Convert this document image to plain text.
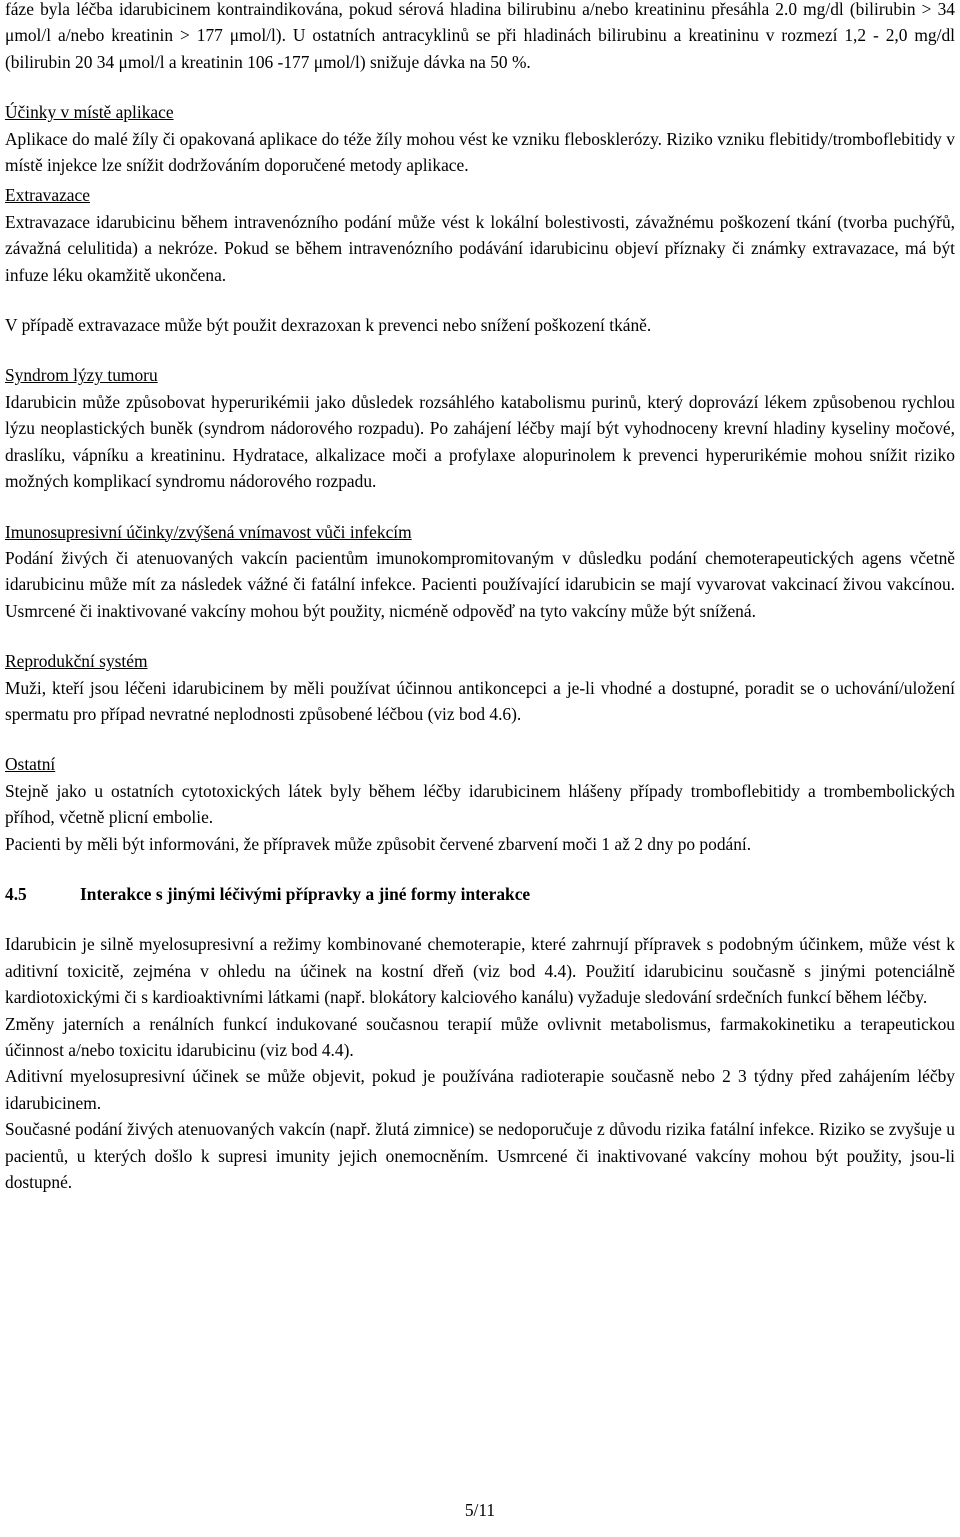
fáze byla léčba idarubicinem kontraindikována, pokud sérová hladina bilirubinu a/nebo kreatininu přesáhla 2.0 mg/dl (bilirubin > 34 μmol/l a/nebo kreatinin > 177 μmol/l). U ostatních antracyklinů se při hladinách bilirubinu a kreatininu v rozmezí 1,2 - 2,0 mg/dl (bilirubin 20 34 μmol/l a kreatinin 106 -177 μmol/l) snižuje dávka na 50 %.

Účinky v místě aplikace

Aplikace do malé žíly či opakovaná aplikace do téže žíly mohou vést ke vzniku flebosklerózy. Riziko vzniku flebitidy/tromboflebitidy v místě injekce lze snížit dodržováním doporučené metody aplikace.

Extravazace

Extravazace idarubicinu během intravenózního podání může vést k lokální bolestivosti, závažnému poškození tkání (tvorba puchýřů, závažná celulitida) a nekróze. Pokud se během intravenózního podávání idarubicinu objeví příznaky či známky extravazace, má být infuze léku okamžitě ukončena.

V případě extravazace může být použit dexrazoxan k prevenci nebo snížení poškození tkáně.

Syndrom lýzy tumoru

Idarubicin může způsobovat hyperurikémii jako důsledek rozsáhlého katabolismu purinů, který doprovází lékem způsobenou rychlou lýzu neoplastických buněk (syndrom nádorového rozpadu). Po zahájení léčby mají být vyhodnoceny krevní hladiny kyseliny močové, draslíku, vápníku a kreatininu. Hydratace, alkalizace moči a profylaxe alopurinolem k prevenci hyperurikémie mohou snížit riziko možných komplikací syndromu nádorového rozpadu.

Imunosupresivní účinky/zvýšená vnímavost vůči infekcím

Podání živých či atenuovaných vakcín pacientům imunokompromitovaným v důsledku podání chemoterapeutických agens včetně idarubicinu může mít za následek vážné či fatální infekce. Pacienti používající idarubicin se mají vyvarovat vakcinací živou vakcínou. Usmrcené či inaktivované vakcíny mohou být použity, nicméně odpověď na tyto vakcíny může být snížená.

Reprodukční systém

Muži, kteří jsou léčeni idarubicinem by měli používat účinnou antikoncepci a je-li vhodné a dostupné, poradit se o uchování/uložení spermatu pro případ nevratné neplodnosti způsobené léčbou (viz bod 4.6).

Ostatní

Stejně jako u ostatních cytotoxických látek byly během léčby idarubicinem hlášeny případy tromboflebitidy a trombembolických příhod, včetně plicní embolie.

Pacienti by měli být informováni, že přípravek může způsobit červené zbarvení moči 1 až 2 dny po podání.

4.5	Interakce s jinými léčivými přípravky a jiné formy interakce

Idarubicin je silně myelosupresivní a režimy kombinované chemoterapie, které zahrnují přípravek s podobným účinkem, může vést k aditivní toxicitě, zejména v ohledu na účinek na kostní dřeň (viz bod 4.4). Použití idarubicinu současně s jinými potenciálně kardiotoxickými či s kardioaktivními látkami (např. blokátory kalciového kanálu) vyžaduje sledování srdečních funkcí během léčby.

Změny jaterních a renálních funkcí indukované současnou terapií může ovlivnit metabolismus, farmakokinetiku a terapeutickou účinnost a/nebo toxicitu idarubicinu (viz bod 4.4).

Aditivní myelosupresivní účinek se může objevit, pokud je používána radioterapie současně nebo 2 3 týdny před zahájením léčby idarubicinem.

Současné podání živých atenuovaných vakcín (např. žlutá zimnice) se nedoporučuje z důvodu rizika fatální infekce. Riziko se zvyšuje u pacientů, u kterých došlo k supresi imunity jejich onemocněním. Usmrcené či inaktivované vakcíny mohou být použity, jsou-li dostupné.

5/11
